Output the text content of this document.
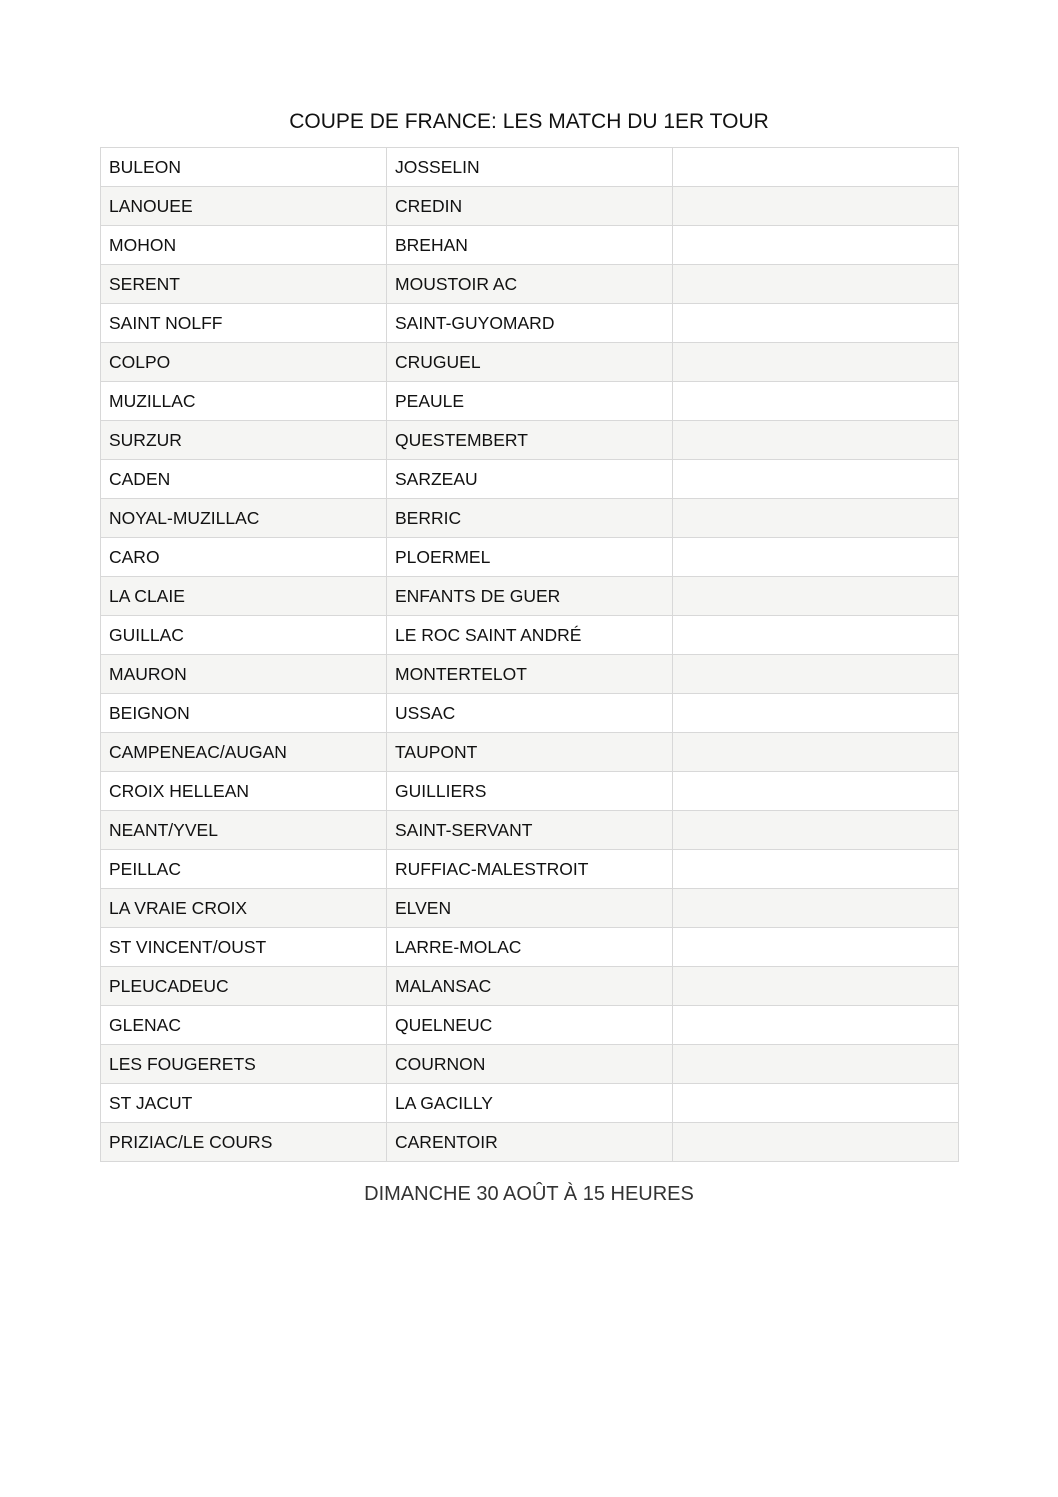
COUPE DE FRANCE: LES MATCH DU 1ER TOUR
BULEON	JOSSELIN	
LANOUEE	CREDIN	
MOHON	BREHAN	
SERENT	MOUSTOIR AC	
SAINT NOLFF	SAINT-GUYOMARD	
COLPO	CRUGUEL	
MUZILLAC	PEAULE	
SURZUR	QUESTEMBERT	
CADEN	SARZEAU	
NOYAL-MUZILLAC	BERRIC	
CARO	PLOERMEL	
LA CLAIE	ENFANTS DE GUER	
GUILLAC	LE ROC SAINT ANDRÉ	
MAURON	MONTERTELOT	
BEIGNON	USSAC	
CAMPENEAC/AUGAN	TAUPONT	
CROIX HELLEAN	GUILLIERS	
NEANT/YVEL	SAINT-SERVANT	
PEILLAC	RUFFIAC-MALESTROIT	
LA VRAIE CROIX	ELVEN	
ST VINCENT/OUST	LARRE-MOLAC	
PLEUCADEUC	MALANSAC	
GLENAC	QUELNEUC	
LES FOUGERETS	COURNON	
ST JACUT	LA GACILLY	
PRIZIAC/LE COURS	CARENTOIR	
DIMANCHE 30 AOÛT À 15 HEURES
